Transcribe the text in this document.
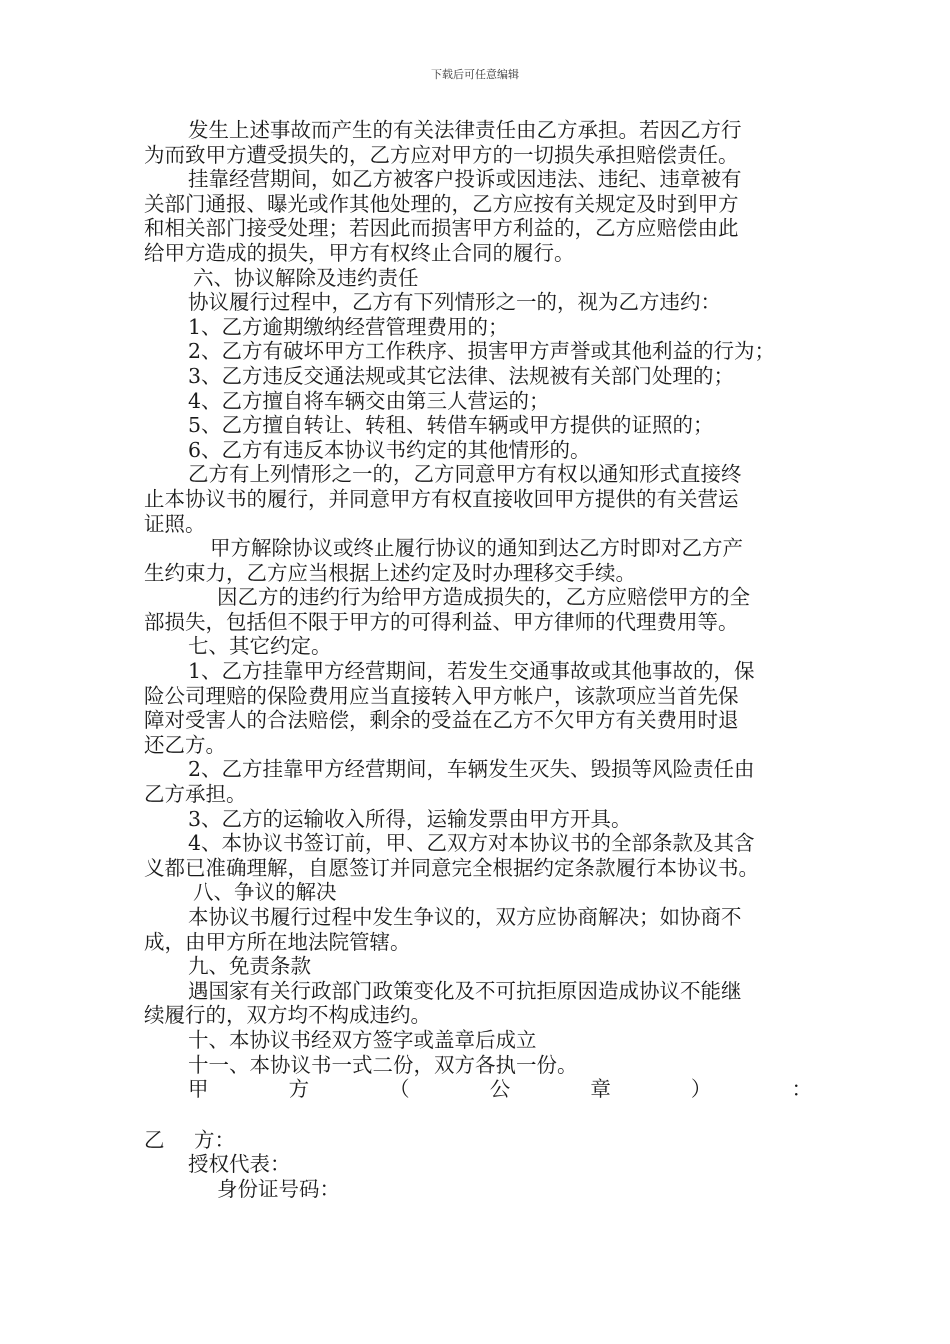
下载后可任意编辑
发生上述事故而产生的有关法律责任由乙方承担。若因乙方行
为而致甲方遭受损失的，乙方应对甲方的一切损失承担赔偿责任。
挂靠经营期间，如乙方被客户投诉或因违法、违纪、违章被有
关部门通报、曝光或作其他处理的，乙方应按有关规定及时到甲方
和相关部门接受处理；若因此而损害甲方利益的，乙方应赔偿由此
给甲方造成的损失，甲方有权终止合同的履行。
六、协议解除及违约责任
协议履行过程中，乙方有下列情形之一的，视为乙方违约：
1、乙方逾期缴纳经营管理费用的；
2、乙方有破坏甲方工作秩序、损害甲方声誉或其他利益的行为；
3、乙方违反交通法规或其它法律、法规被有关部门处理的；
4、乙方擅自将车辆交由第三人营运的；
5、乙方擅自转让、转租、转借车辆或甲方提供的证照的；
6、乙方有违反本协议书约定的其他情形的。
乙方有上列情形之一的，乙方同意甲方有权以通知形式直接终
止本协议书的履行，并同意甲方有权直接收回甲方提供的有关营运
证照。
甲方解除协议或终止履行协议的通知到达乙方时即对乙方产
生约束力，乙方应当根据上述约定及时办理移交手续。
因乙方的违约行为给甲方造成损失的，乙方应赔偿甲方的全
部损失，包括但不限于甲方的可得利益、甲方律师的代理费用等。
七、其它约定。
1、乙方挂靠甲方经营期间，若发生交通事故或其他事故的，保
险公司理赔的保险费用应当直接转入甲方帐户，该款项应当首先保
障对受害人的合法赔偿，剩余的受益在乙方不欠甲方有关费用时退
还乙方。
2、乙方挂靠甲方经营期间，车辆发生灭失、毁损等风险责任由
乙方承担。
3、乙方的运输收入所得，运输发票由甲方开具。
4、本协议书签订前，甲、乙双方对本协议书的全部条款及其含
义都已准确理解，自愿签订并同意完全根据约定条款履行本协议书。
八、争议的解决
本协议书履行过程中发生争议的，双方应协商解决；如协商不
成，由甲方所在地法院管辖。
九、免责条款
遇国家有关行政部门政策变化及不可抗拒原因造成协议不能继
续履行的，双方均不构成违约。
十、本协议书经双方签字或盖章后成立
十一、本协议书一式二份，双方各执一份。
甲	方	（	公	章	）	：
乙 方：
授权代表：
身份证号码：
